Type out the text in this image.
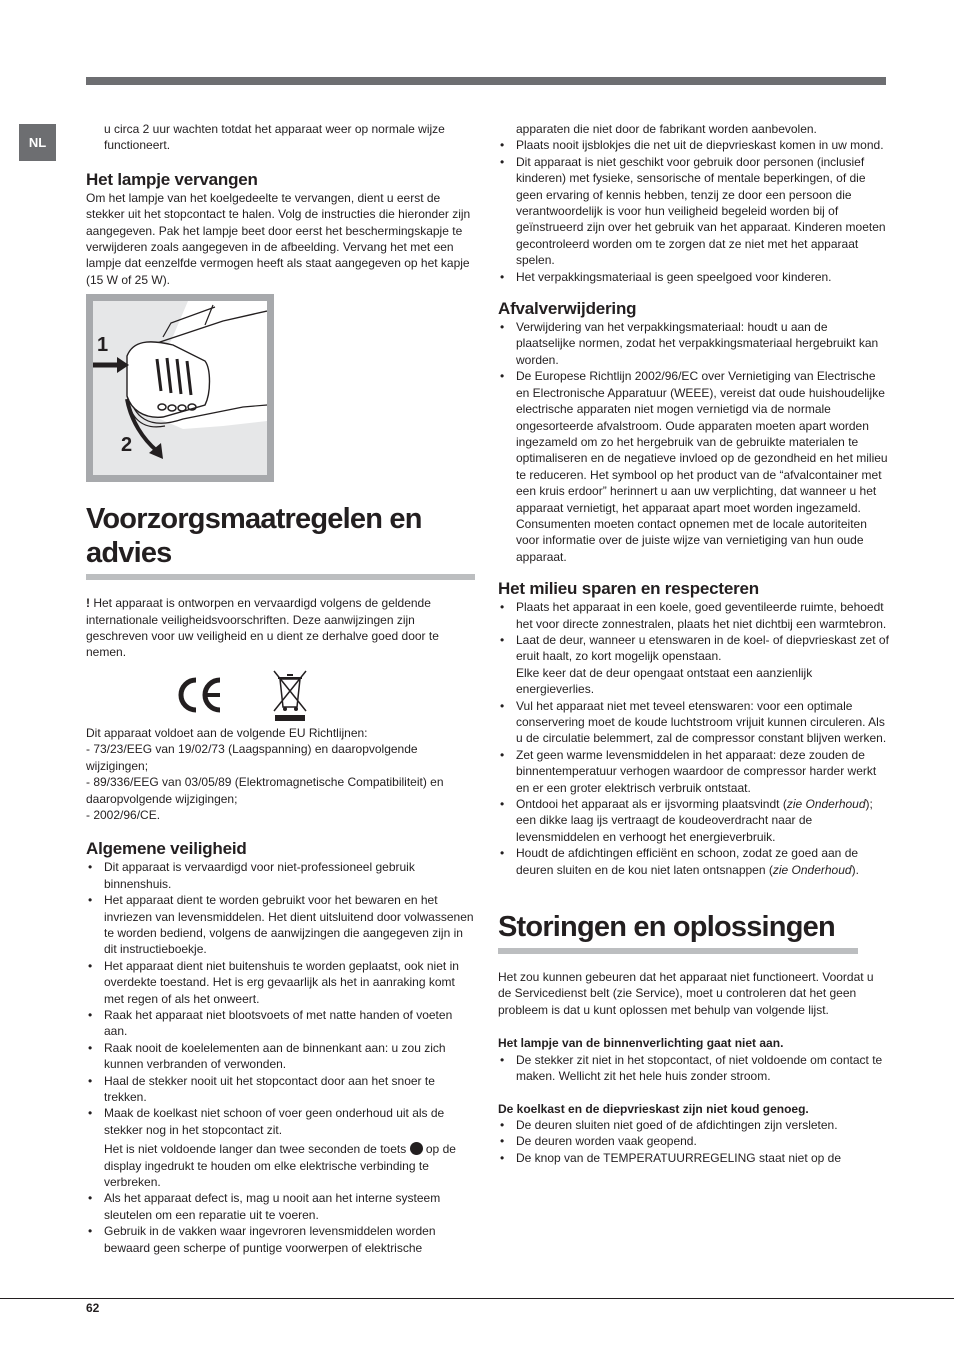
NL

u circa 2 uur wachten totdat het apparaat weer op normale wijze functioneert.

Het lampje vervangen

Om het lampje van het koelgedeelte te vervangen, dient u eerst de stekker uit het stopcontact te halen. Volg de instructies die hieronder zijn aangegeven. Pak het lampje beet door eerst het beschermingskapje te verwijderen zoals aangegeven in de afbeelding. Vervang het met een lampje dat eenzelfde vermogen heeft als staat aangegeven op het kapje (15 W of 25 W).

1
2
Voorzorgsmaatregelen en advies

! Het apparaat is ontworpen en vervaardigd volgens de geldende internationale veiligheidsvoorschriften. Deze aanwijzingen zijn geschreven voor uw veiligheid en u dient ze derhalve goed door te nemen.

Dit apparaat voldoet aan de volgende EU Richtlijnen:

- 73/23/EEG van 19/02/73 (Laagspanning) en daaropvolgende wijzigingen;

- 89/336/EEG van 03/05/89 (Elektromagnetische Compatibiliteit) en daaropvolgende wijzigingen;

- 2002/96/CE.

Algemene veiligheid
• Dit apparaat is vervaardigd voor niet-professioneel gebruik binnenshuis.
• Het apparaat dient te worden gebruikt voor het bewaren en het invriezen van levensmiddelen. Het dient uitsluitend door volwassenen te worden bediend, volgens de aanwijzingen die aangegeven zijn in dit instructieboekje.
• Het apparaat dient niet buitenshuis te worden geplaatst, ook niet in overdekte toestand. Het is erg gevaarlijk als het in aanraking komt met regen of als het onweert.
• Raak het apparaat niet blootsvoets of met natte handen of voeten aan.
• Raak nooit de koelelementen aan de binnenkant aan: u zou zich kunnen verbranden of verwonden.
• Haal de stekker nooit uit het stopcontact door aan het snoer te trekken.
• Maak de koelkast niet schoon of voer geen onderhoud uit als de stekker nog in het stopcontact zit.

Het is niet voldoende langer dan twee seconden de toets  op de display ingedrukt te houden om elke elektrische verbinding te verbreken.

• Als het apparaat defect is, mag u nooit aan het interne systeem sleutelen om een reparatie uit te voeren.
• Gebruik in de vakken waar ingevroren levensmiddelen worden bewaard geen scherpe of puntige voorwerpen of elektrische

apparaten die niet door de fabrikant worden aanbevolen.

• Plaats nooit ijsblokjes die net uit de diepvrieskast komen in uw mond.
• Dit apparaat is niet geschikt voor gebruik door personen (inclusief kinderen) met fysieke, sensorische of mentale beperkingen, of die geen ervaring of kennis hebben, tenzij ze door een persoon die verantwoordelijk is voor hun veiligheid begeleid worden bij of geïnstrueerd zijn over het gebruik van het apparaat. Kinderen moeten gecontroleerd worden om te zorgen dat ze niet met het apparaat spelen.
• Het verpakkingsmateriaal is geen speelgoed voor kinderen.
Afvalverwijdering
• Verwijdering van het verpakkingsmateriaal: houdt u aan de plaatselijke normen, zodat het verpakkingsmateriaal hergebruikt kan worden.
• De Europese Richtlijn 2002/96/EC over Vernietiging van Electrische en Electronische Apparatuur (WEEE), vereist dat oude huishoudelijke electrische apparaten niet mogen vernietigd via de normale ongesorteerde afvalstroom. Oude apparaten moeten apart worden ingezameld om zo het hergebruik van de gebruikte materialen te optimaliseren en de negatieve invloed op de gezondheid en het milieu te reduceren. Het symbool op het product van de “afvalcontainer met een kruis erdoor” herinnert u aan uw verplichting, dat wanneer u het apparaat vernietigt, het apparaat apart moet worden ingezameld.
Consumenten moeten contact opnemen met de locale autoriteiten voor informatie over de juiste wijze van vernietiging van hun oude apparaat.
Het milieu sparen en respecteren
• Plaats het apparaat in een koele, goed geventileerde ruimte, behoedt het voor directe zonnestralen, plaats het niet dichtbij een warmtebron.
• Laat de deur, wanneer u etenswaren in de koel- of diepvrieskast zet of eruit haalt, zo kort mogelijk openstaan.
Elke keer dat de deur opengaat ontstaat een aanzienlijk energieverlies.
• Vul het apparaat niet met teveel etenswaren: voor een optimale conservering moet de koude luchtstroom vrijuit kunnen circuleren. Als u de circulatie belemmert, zal de compressor constant blijven werken.
• Zet geen warme levensmiddelen in het apparaat: deze zouden de binnentemperatuur verhogen waardoor de compressor harder werkt en er een groter elektrisch verbruik ontstaat.
• Ontdooi het apparaat als er ijsvorming plaatsvindt (zie Onderhoud); een dikke laag ijs vertraagt de koudeoverdracht naar de levensmiddelen en verhoogt het energieverbruik.
• Houdt de afdichtingen efficiënt en schoon, zodat ze goed aan de deuren sluiten en de kou niet laten ontsnappen (zie Onderhoud).
Storingen en oplossingen

Het zou kunnen gebeuren dat het apparaat niet functioneert. Voordat u de Servicedienst belt (zie Service), moet u controleren dat het geen probleem is dat u kunt oplossen met behulp van volgende lijst.

Het lampje van de binnenverlichting gaat niet aan.

• De stekker zit niet in het stopcontact, of niet voldoende om contact te maken. Wellicht zit het hele huis zonder stroom.

De koelkast en de diepvrieskast zijn niet koud genoeg.

• De deuren sluiten niet goed of de afdichtingen zijn versleten.
• De deuren worden vaak geopend.
• De knop van de TEMPERATUURREGELING staat niet op de
62
